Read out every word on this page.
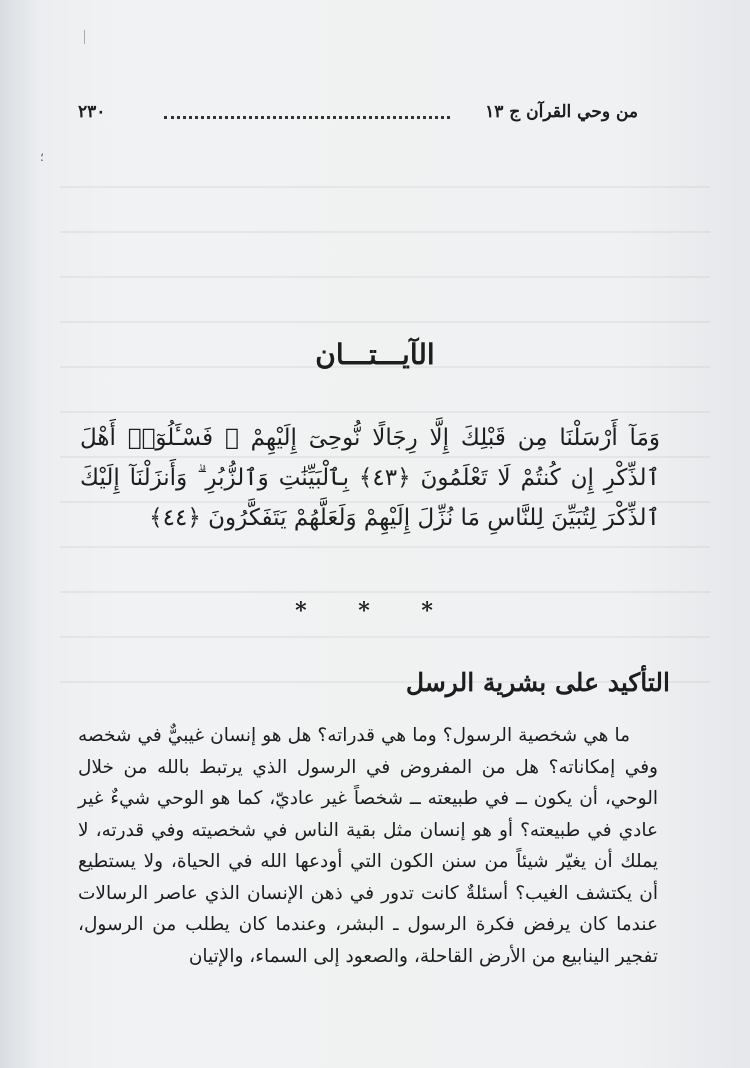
؛
من وحي القرآن ج ١٣
٢٣٠
الآيـــتـــان
وَمَآ أَرْسَلْنَا مِن قَبْلِكَ إِلَّا رِجَالًا نُّوحِىٓ إِلَيْهِمْ ۚ فَسْـَٔلُوٓا۟ أَهْلَ ٱلذِّكْرِ إِن كُنتُمْ لَا تَعْلَمُونَ ﴿٤٣﴾ بِٱلْبَيِّنَٰتِ وَٱلزُّبُرِ ۗ وَأَنزَلْنَآ إِلَيْكَ ٱلذِّكْرَ لِتُبَيِّنَ لِلنَّاسِ مَا نُزِّلَ إِلَيْهِمْ وَلَعَلَّهُمْ يَتَفَكَّرُونَ ﴿٤٤﴾
* * *
التأكيد على بشرية الرسل

ما هي شخصية الرسول؟ وما هي قدراته؟ هل هو إنسان غيبيٌّ في شخصه وفي إمكاناته؟ هل من المفروض في الرسول الذي يرتبط بالله من خلال الوحي، أن يكون ــ في طبيعته ــ شخصاً غير عاديّ، كما هو الوحي شيءٌ غير عادي في طبيعته؟ أو هو إنسان مثل بقية الناس في شخصيته وفي قدرته، لا يملك أن يغيّر شيئاً من سنن الكون التي أودعها الله في الحياة، ولا يستطيع أن يكتشف الغيب؟ أسئلةٌ كانت تدور في ذهن الإنسان الذي عاصر الرسالات عندما كان يرفض فكرة الرسول ـ البشر، وعندما كان يطلب من الرسول، تفجير الينابيع من الأرض القاحلة، والصعود إلى السماء، والإتيان
